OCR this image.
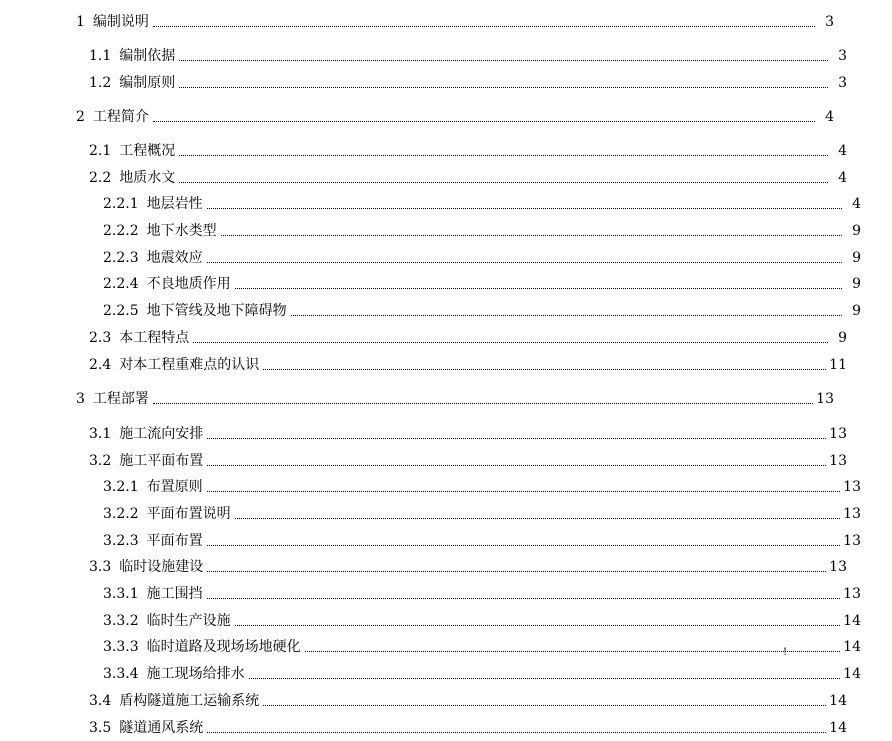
1 编制说明	3
1.1 编制依据	3
1.2 编制原则	3
2 工程简介	4
2.1 工程概况	4
2.2 地质水文	4
2.2.1 地层岩性	4
2.2.2 地下水类型	9
2.2.3 地震效应	9
2.2.4 不良地质作用	9
2.2.5 地下管线及地下障碍物	9
2.3 本工程特点	9
2.4 对本工程重难点的认识	11
3 工程部署	13
3.1 施工流向安排	13
3.2 施工平面布置	13
3.2.1 布置原则	13
3.2.2 平面布置说明	13
3.2.3 平面布置	13
3.3 临时设施建设	13
3.3.1 施工围挡	13
3.3.2 临时生产设施	14
3.3.3 临时道路及现场场地硬化	14
3.3.4 施工现场给排水	14
3.4 盾构隧道施工运输系统	14
3.5 隧道通风系统	14
!
